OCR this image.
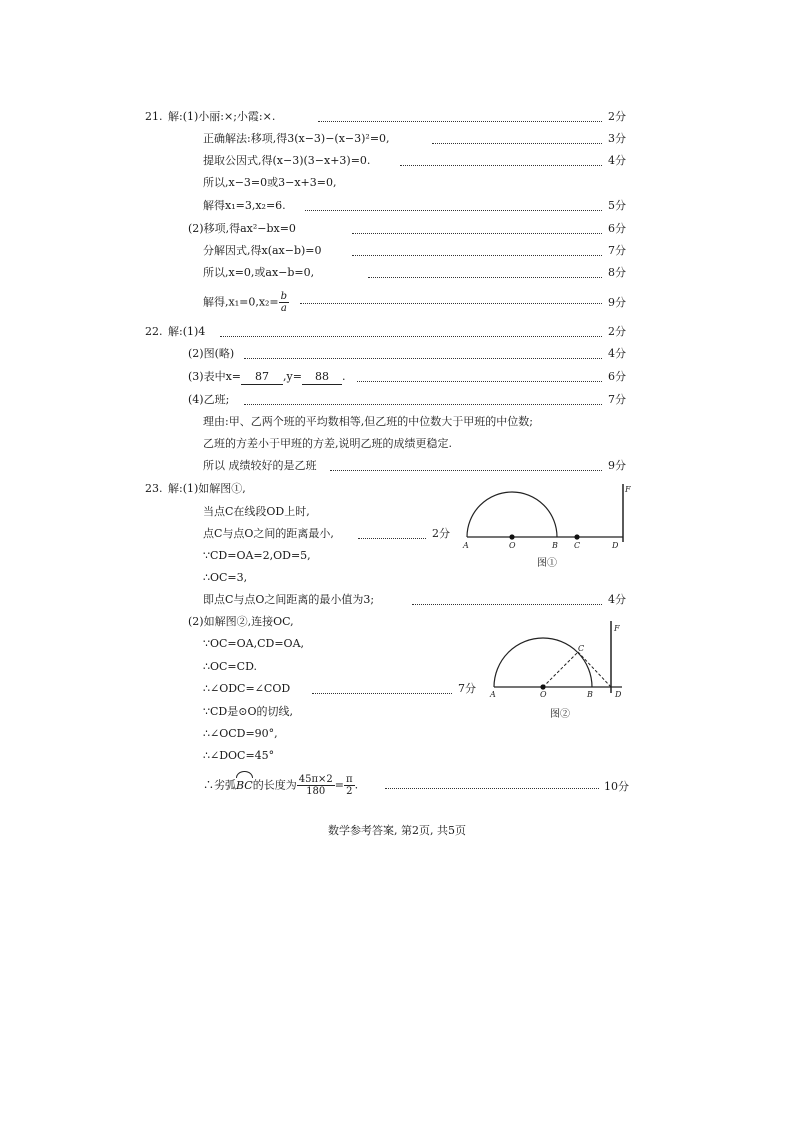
21. 解:(1)小丽:×;小霞:×.	2分
正确解法:移项,得3(x−3)−(x−3)²=0,	3分
提取公因式,得(x−3)(3−x+3)=0.	4分
所以,x−3=0或3−x+3=0,
解得x₁=3,x₂=6.	5分
(2)移项,得ax²−bx=0	6分
分解因式,得x(ax−b)=0	7分
所以,x=0,或ax−b=0,	8分
解得$,x_1=0,x_2= \frac{b}{a}$	9分
22. 解:(1)4	2分
(2)图(略)	4分
(3)表中x= 87 ,y= 88 .	6分
(4)乙班;	7分
理由:甲、乙两个班的平均数相等,但乙班的中位数大于甲班的中位数;
乙班的方差小于甲班的方差,说明乙班的成绩更稳定.
所以 成绩较好的是乙班	9分
23. 解:(1)如解图①,
当点C在线段OD上时,
点C与点O之间的距离最小,	2分
∵CD=OA=2,OD=5,
∴OC=3,
即点C与点O之间距离的最小值为3;	4分
(2)如解图②,连接OC,
∵OC=OA,CD=OA,
∴OC=CD.
∴∠ODC=∠COD	7分
∵CD是⊙O的切线,
∴∠OCD=90°,
∴∠DOC=45°
∴劣弧BC的长度为 $\frac{45\pi\times 2}{180} = \frac{\pi}{2}$ .	10分
A	O	B C	D
F
图①
A	O	B
C
D
F
图②
数学参考答案, 第2页, 共5页
